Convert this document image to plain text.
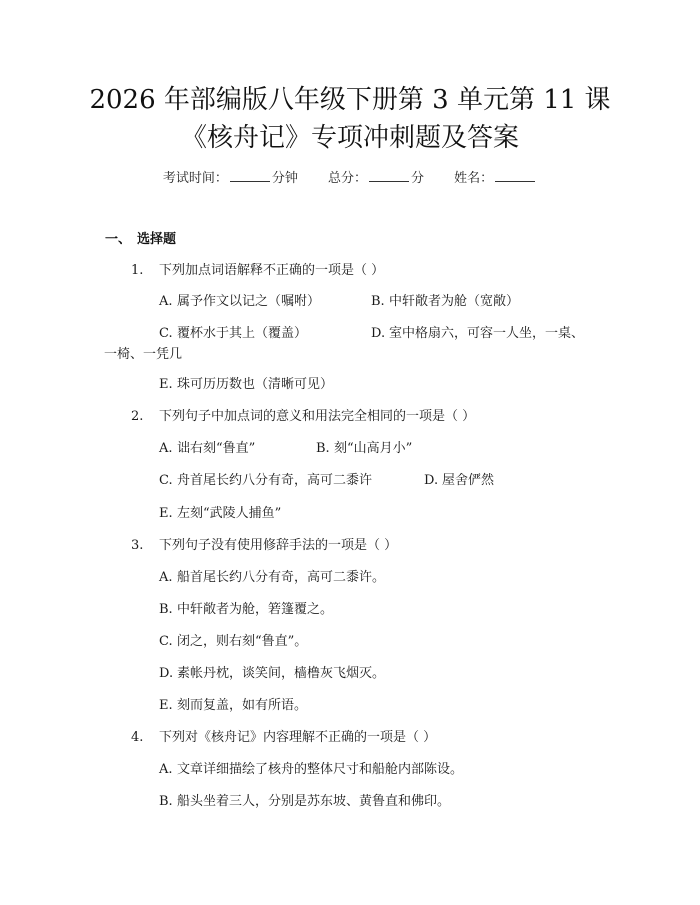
2026 年部编版八年级下册第 3 单元第 11 课
《核舟记》专项冲刺题及答案
考试时间：	分钟 总分：	分 姓名：
一、 选择题
1. 下列加点词语解释不正确的一项是（ ）
A. 属予作文以记之（嘱咐）	B. 中轩敞者为舱（宽敞）
C. 覆杯水于其上（覆盖）	D. 室中格扇六，可容一人坐，一桌、
一椅、一凭几
E. 珠可历历数也（清晰可见）
2. 下列句子中加点词的意义和用法完全相同的一项是（ ）
A. 诎右刻“鲁直”	B. 刻“山高月小”
C. 舟首尾长约八分有奇，高可二黍许	D. 屋舍俨然
E. 左刻“武陵人捕鱼”
3. 下列句子没有使用修辞手法的一项是（ ）
A. 船首尾长约八分有奇，高可二黍许。
B. 中轩敞者为舱，箬篷覆之。
C. 闭之，则右刻“鲁直”。
D. 素帐丹枕，谈笑间，樯橹灰飞烟灭。
E. 刻而复盖，如有所语。
4. 下列对《核舟记》内容理解不正确的一项是（ ）
A. 文章详细描绘了核舟的整体尺寸和船舱内部陈设。
B. 船头坐着三人，分别是苏东坡、黄鲁直和佛印。
